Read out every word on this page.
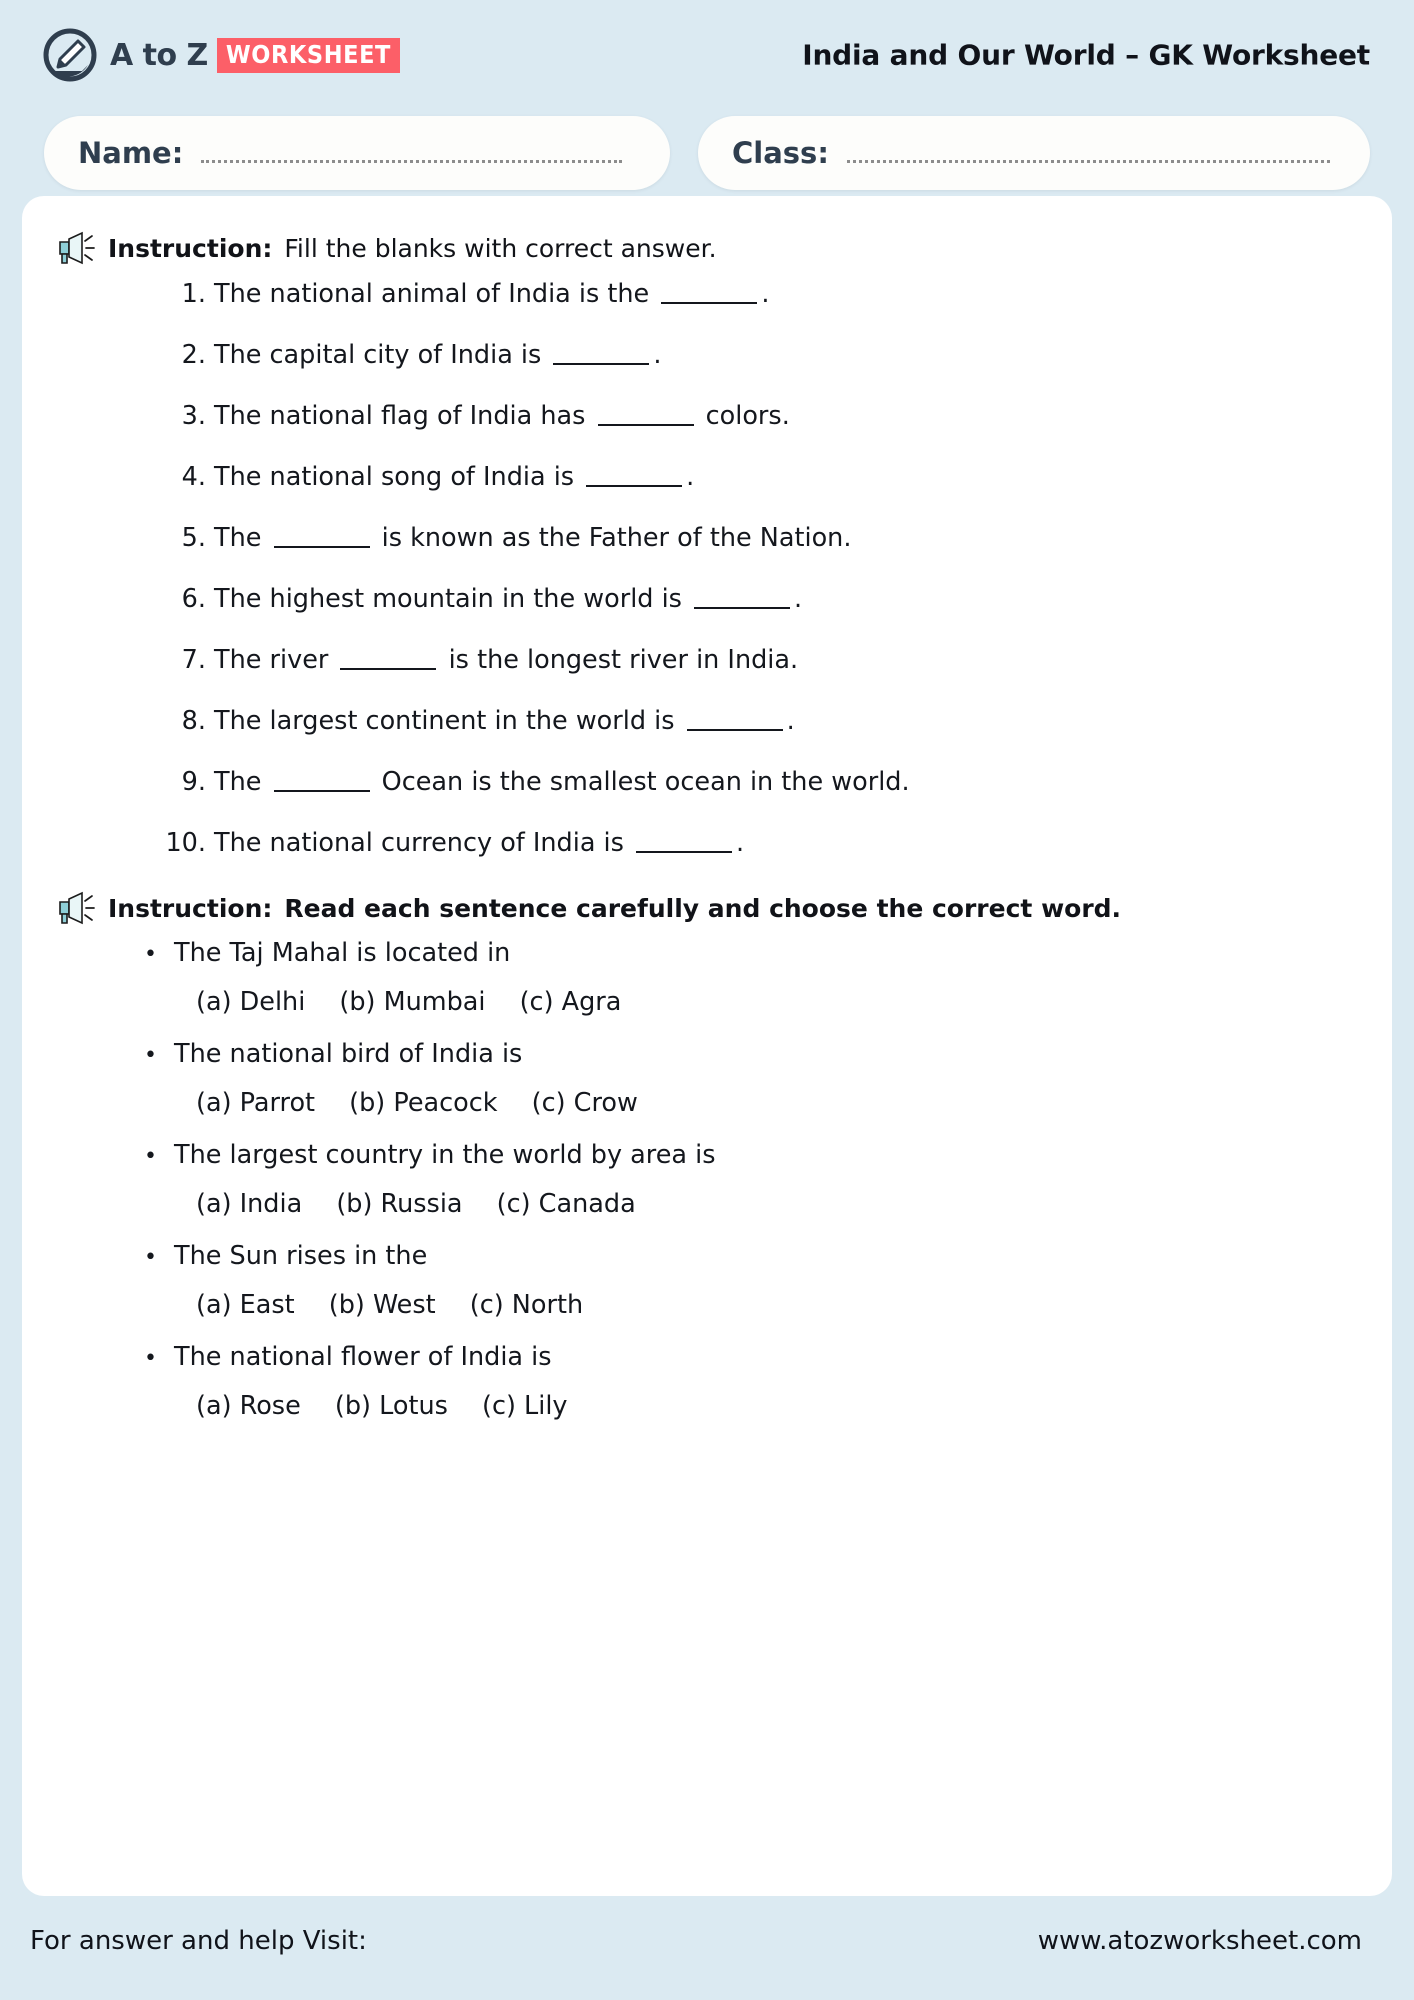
A to Z WORKSHEET	India and Our World – GK Worksheet
Name:	Class:
Instruction: Fill the blanks with correct answer.
1. The national animal of India is the	.
2. The capital city of India is	.
3. The national flag of India has	colors.
4. The national song of India is	.
5. The	is known as the Father of the Nation.
6. The highest mountain in the world is	.
7. The river	is the longest river in India.
8. The largest continent in the world is	.
9. The	Ocean is the smallest ocean in the world.
10. The national currency of India is	.
Instruction: Read each sentence carefully and choose the correct word.
• The Taj Mahal is located in
(a) Delhi (b) Mumbai (c) Agra
• The national bird of India is
(a) Parrot (b) Peacock (c) Crow
• The largest country in the world by area is
(a) India (b) Russia (c) Canada
• The Sun rises in the
(a) East (b) West (c) North
• The national flower of India is
(a) Rose (b) Lotus (c) Lily
For answer and help Visit:	www.atozworksheet.com
